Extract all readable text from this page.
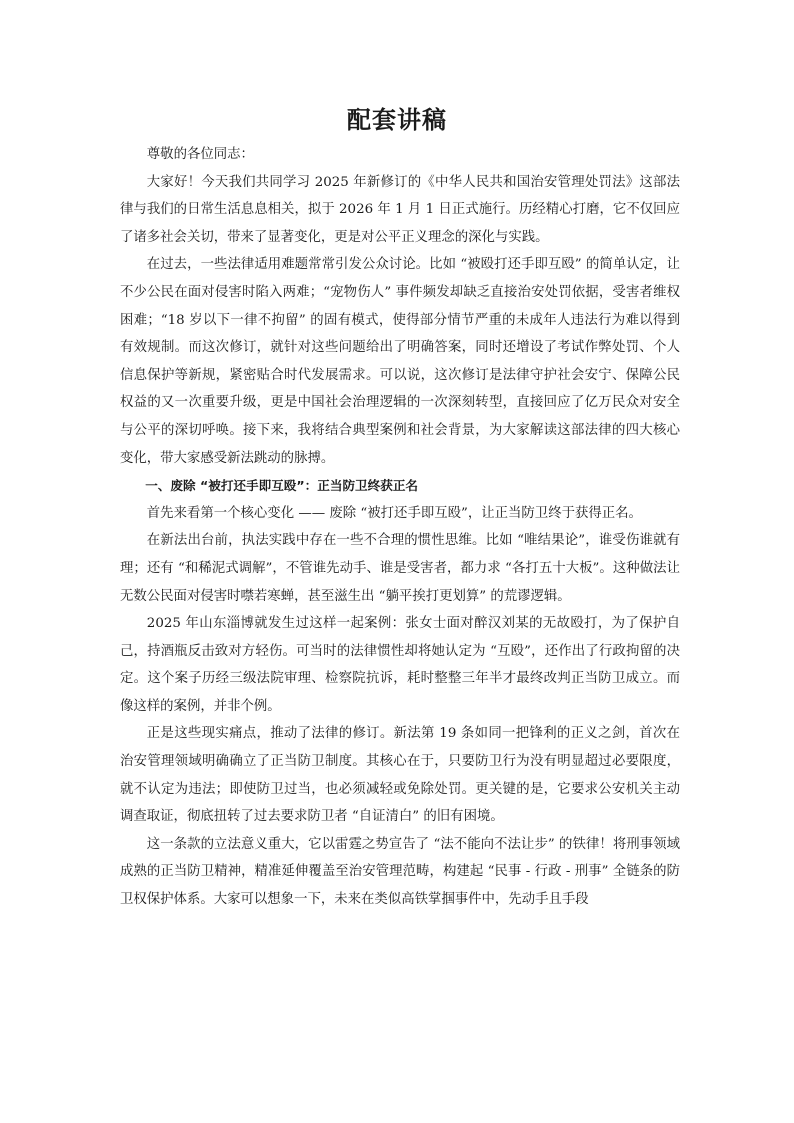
配套讲稿

尊敬的各位同志：

大家好！今天我们共同学习 2025 年新修订的《中华人民共和国治安管理处罚法》这部法律与我们的日常生活息息相关，拟于 2026 年 1 月 1 日正式施行。历经精心打磨，它不仅回应了诸多社会关切，带来了显著变化，更是对公平正义理念的深化与实践。

在过去，一些法律适用难题常常引发公众讨论。比如 “被殴打还手即互殴” 的简单认定，让不少公民在面对侵害时陷入两难；“宠物伤人” 事件频发却缺乏直接治安处罚依据，受害者维权困难；“18 岁以下一律不拘留” 的固有模式，使得部分情节严重的未成年人违法行为难以得到有效规制。而这次修订，就针对这些问题给出了明确答案，同时还增设了考试作弊处罚、个人信息保护等新规，紧密贴合时代发展需求。可以说，这次修订是法律守护社会安宁、保障公民权益的又一次重要升级，更是中国社会治理逻辑的一次深刻转型，直接回应了亿万民众对安全与公平的深切呼唤。接下来，我将结合典型案例和社会背景，为大家解读这部法律的四大核心变化，带大家感受新法跳动的脉搏。

一、废除 “被打还手即互殴”：正当防卫终获正名

首先来看第一个核心变化 —— 废除 “被打还手即互殴”，让正当防卫终于获得正名。

在新法出台前，执法实践中存在一些不合理的惯性思维。比如 “唯结果论”，谁受伤谁就有理；还有 “和稀泥式调解”，不管谁先动手、谁是受害者，都力求 “各打五十大板”。这种做法让无数公民面对侵害时噤若寒蝉，甚至滋生出 “躺平挨打更划算” 的荒谬逻辑。

2025 年山东淄博就发生过这样一起案例：张女士面对醉汉刘某的无故殴打，为了保护自己，持酒瓶反击致对方轻伤。可当时的法律惯性却将她认定为 “互殴”，还作出了行政拘留的决定。这个案子历经三级法院审理、检察院抗诉，耗时整整三年半才最终改判正当防卫成立。而像这样的案例，并非个例。

正是这些现实痛点，推动了法律的修订。新法第 19 条如同一把锋利的正义之剑，首次在治安管理领域明确确立了正当防卫制度。其核心在于，只要防卫行为没有明显超过必要限度，就不认定为违法；即使防卫过当，也必须减轻或免除处罚。更关键的是，它要求公安机关主动调查取证，彻底扭转了过去要求防卫者 “自证清白” 的旧有困境。

这一条款的立法意义重大，它以雷霆之势宣告了 “法不能向不法让步” 的铁律！将刑事领域成熟的正当防卫精神，精准延伸覆盖至治安管理范畴，构建起 “民事 - 行政 - 刑事” 全链条的防卫权保护体系。大家可以想象一下，未来在类似高铁掌掴事件中，先动手且手段
